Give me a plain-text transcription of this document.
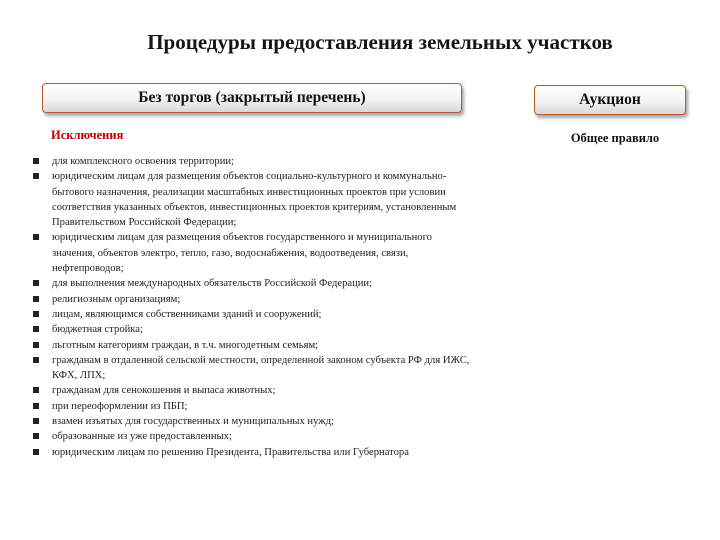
Процедуры предоставления земельных участков
Без торгов (закрытый перечень)	Аукцион
Исключения	Общее правило
для комплексного освоения территории;
юридическим лицам для размещения объектов социально-культурного и коммунально-бытового назначения, реализации масштабных инвестиционных проектов при условии соответствия указанных объектов, инвестиционных проектов критериям, установленным Правительством Российской Федерации;
юридическим лицам для размещения объектов государственного и муниципального значения, объектов электро, тепло, газо, водоснабжения, водоотведения, связи, нефтепроводов;
для выполнения международных обязательств Российской Федерации;
религиозным организациям;
лицам, являющимся собственниками зданий и сооружений;
бюджетная стройка;
льготным категориям граждан, в т.ч. многодетным семьям;
гражданам в отдаленной сельской местности, определенной законом субъекта РФ для ИЖС, КФХ, ЛПХ;
гражданам для сенокошения и выпаса животных;
при переоформлении из ПБП;
взамен изъятых для государственных и муниципальных нужд;
образованные из уже предоставленных;
юридическим лицам по решению Президента, Правительства или Губернатора
